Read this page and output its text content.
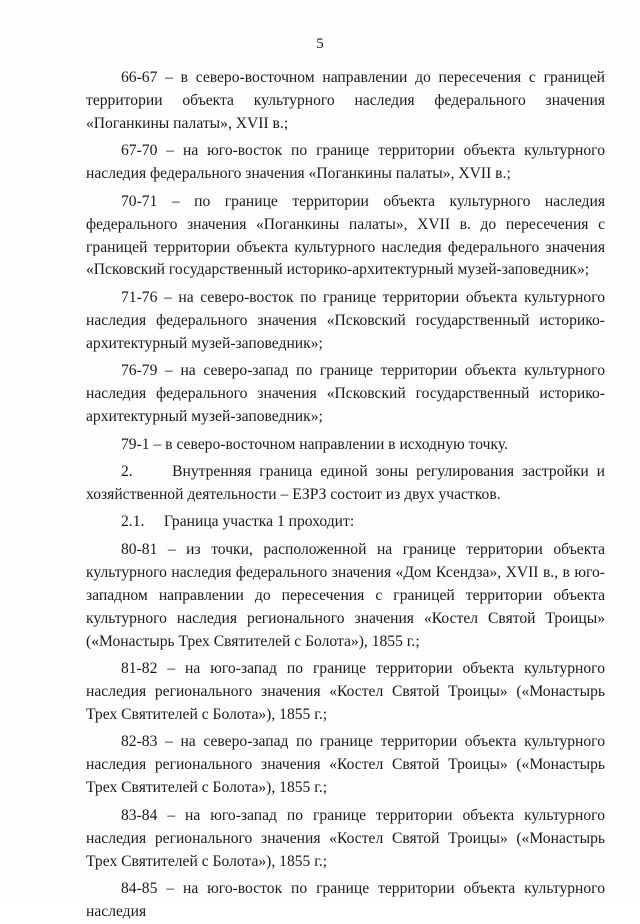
5

66-67 – в северо-восточном направлении до пересечения с границей территории объекта культурного наследия федерального значения «Поганкины палаты», XVII в.;

67-70 – на юго-восток по границе территории объекта культурного наследия федерального значения «Поганкины палаты», XVII в.;

70-71 – по границе территории объекта культурного наследия федерального значения «Поганкины палаты», XVII в. до пересечения с границей территории объекта культурного наследия федерального значения «Псковский государственный историко-архитектурный музей-заповедник»;

71-76 – на северо-восток по границе территории объекта культурного наследия федерального значения «Псковский государственный историко-архитектурный музей-заповедник»;

76-79 – на северо-запад по границе территории объекта культурного наследия федерального значения «Псковский государственный историко-архитектурный музей-заповедник»;

79-1 – в северо-восточном направлении в исходную точку.

2.     Внутренняя граница единой зоны регулирования застройки и хозяйственной деятельности – ЕЗРЗ состоит из двух участков.

2.1.     Граница участка 1 проходит:

80-81 – из точки, расположенной на границе территории объекта культурного наследия федерального значения «Дом Ксендза», XVII в., в юго-западном направлении до пересечения с границей территории объекта культурного наследия регионального значения «Костел Святой Троицы» («Монастырь Трех Святителей с Болота»), 1855 г.;

81-82 – на юго-запад по границе территории объекта культурного наследия регионального значения «Костел Святой Троицы» («Монастырь Трех Святителей с Болота»), 1855 г.;

82-83 – на северо-запад по границе территории объекта культурного наследия регионального значения «Костел Святой Троицы» («Монастырь Трех Святителей с Болота»), 1855 г.;

83-84 – на юго-запад по границе территории объекта культурного наследия регионального значения «Костел Святой Троицы» («Монастырь Трех Святителей с Болота»), 1855 г.;

84-85 – на юго-восток по границе территории объекта культурного наследия
